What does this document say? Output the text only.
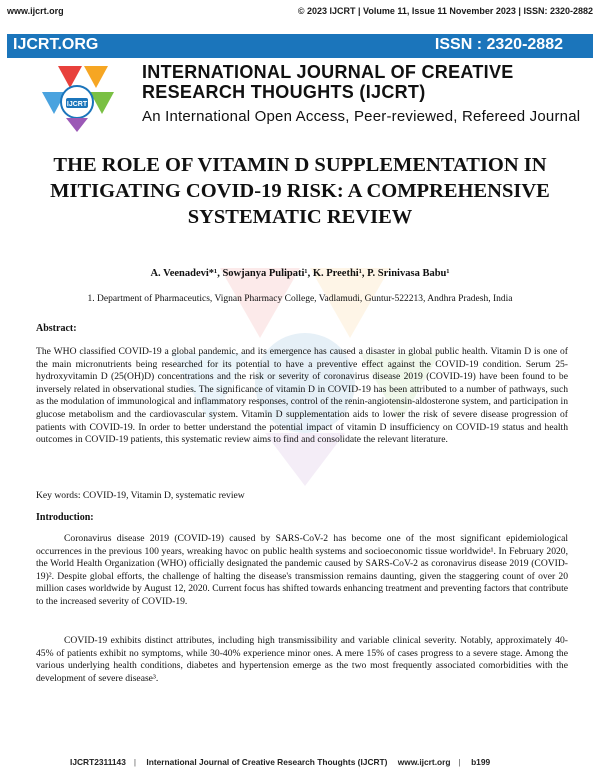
www.ijcrt.org	© 2023 IJCRT | Volume 11, Issue 11 November 2023 | ISSN: 2320-2882
IJCRT.ORG	ISSN : 2320-2882
IJCRT
INTERNATIONAL JOURNAL OF CREATIVE RESEARCH THOUGHTS (IJCRT)
An International Open Access, Peer-reviewed, Refereed Journal
THE ROLE OF VITAMIN D SUPPLEMENTATION IN MITIGATING COVID-19 RISK: A COMPREHENSIVE SYSTEMATIC REVIEW
A. Veenadevi*¹, Sowjanya Pulipati¹, K. Preethi¹, P. Srinivasa Babu¹
1. Department of Pharmaceutics, Vignan Pharmacy College, Vadlamudi, Guntur-522213, Andhra Pradesh, India
Abstract:

The WHO classified COVID-19 a global pandemic, and its emergence has caused a disaster in global public health. Vitamin D is one of the main micronutrients being researched for its potential to have a preventive effect against the COVID-19 condition. Serum 25-hydroxyvitamin D (25(OH)D) concentrations and the risk or severity of coronavirus disease 2019 (COVID-19) have been found to be inversely related in observational studies. The significance of vitamin D in COVID-19 has been attributed to a number of pathways, such as the modulation of immunological and inflammatory responses, control of the renin-angiotensin-aldosterone system, and participation in glucose metabolism and the cardiovascular system. Vitamin D supplementation aids to lower the risk of severe disease progression of patients with COVID-19. In order to better understand the potential impact of vitamin D insufficiency on COVID-19 status and health outcomes in COVID-19 patients, this systematic review aims to find and consolidate the relevant literature.

Key words: COVID-19, Vitamin D, systematic review
Introduction:

Coronavirus disease 2019 (COVID-19) caused by SARS-CoV-2 has become one of the most significant epidemiological occurrences in the previous 100 years, wreaking havoc on public health systems and socioeconomic tissue worldwide¹. In February 2020, the World Health Organization (WHO) officially designated the pandemic caused by SARS-CoV-2 as coronavirus disease 2019 (COVID-19)². Despite global efforts, the challenge of halting the disease's transmission remains daunting, given the staggering count of over 20 million cases worldwide by August 12, 2020. Current focus has shifted towards enhancing treatment and preventing factors that contribute to the increased severity of COVID-19.

COVID-19 exhibits distinct attributes, including high transmissibility and variable clinical severity. Notably, approximately 40-45% of patients exhibit no symptoms, while 30-40% experience minor ones. A mere 15% of cases progress to a severe stage. Among the various underlying health conditions, diabetes and hypertension emerge as the two most frequently associated comorbidities with the development of severe disease³.

IJCRT2311143 | International Journal of Creative Research Thoughts (IJCRT) www.ijcrt.org | b199
